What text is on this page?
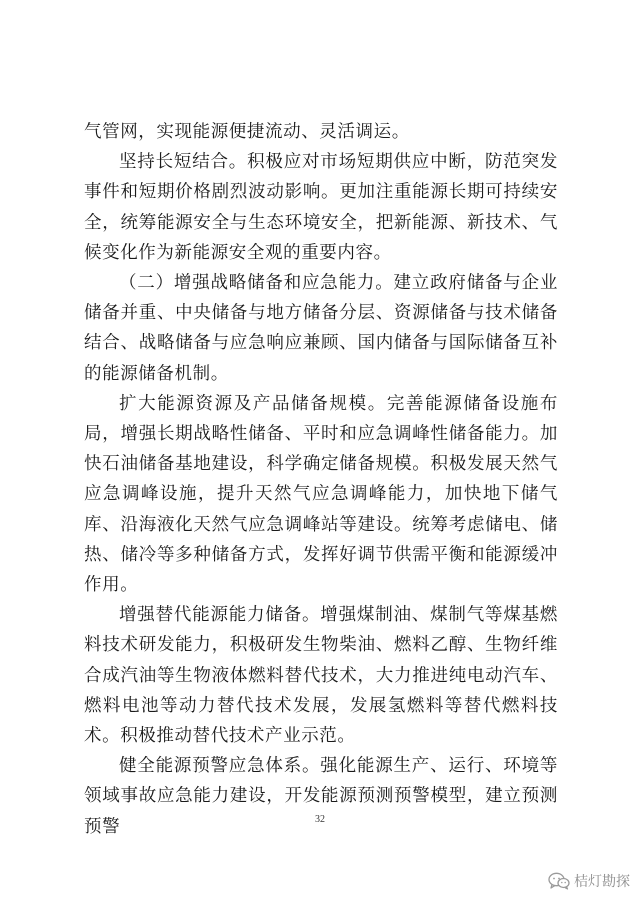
气管网，实现能源便捷流动、灵活调运。

坚持长短结合。积极应对市场短期供应中断，防范突发事件和短期价格剧烈波动影响。更加注重能源长期可持续安全，统筹能源安全与生态环境安全，把新能源、新技术、气候变化作为新能源安全观的重要内容。

（二）增强战略储备和应急能力。建立政府储备与企业储备并重、中央储备与地方储备分层、资源储备与技术储备结合、战略储备与应急响应兼顾、国内储备与国际储备互补的能源储备机制。

扩大能源资源及产品储备规模。完善能源储备设施布局，增强长期战略性储备、平时和应急调峰性储备能力。加快石油储备基地建设，科学确定储备规模。积极发展天然气应急调峰设施，提升天然气应急调峰能力，加快地下储气库、沿海液化天然气应急调峰站等建设。统筹考虑储电、储热、储冷等多种储备方式，发挥好调节供需平衡和能源缓冲作用。

增强替代能源能力储备。增强煤制油、煤制气等煤基燃料技术研发能力，积极研发生物柴油、燃料乙醇、生物纤维合成汽油等生物液体燃料替代技术，大力推进纯电动汽车、燃料电池等动力替代技术发展，发展氢燃料等替代燃料技术。积极推动替代技术产业示范。

健全能源预警应急体系。强化能源生产、运行、环境等领域事故应急能力建设，开发能源预测预警模型，建立预测预警	32
桔灯勘探
